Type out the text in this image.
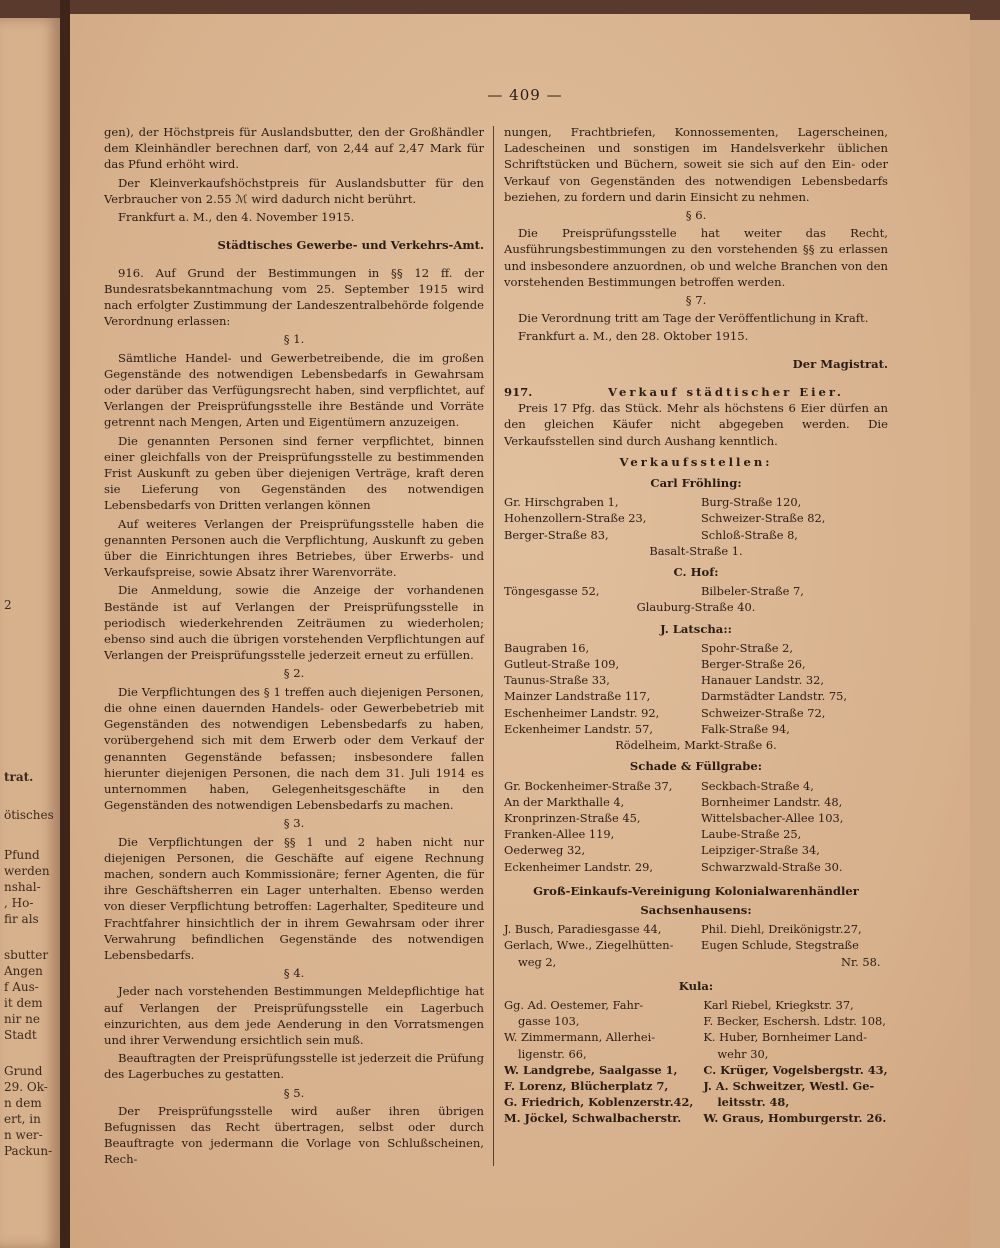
2
trat.
ötisches
Pfund
werden
nshal-
, Ho-
fir als
sbutter
Angen
f Aus-
it dem
nir ne
Stadt
Grund
29. Ok-
n dem
ert, in
n wer-
Packun-
— 409 —

gen), der Höchstpreis für Auslandsbutter, den der Großhändler dem Kleinhändler berechnen darf, von 2,44 auf 2,47 Mark für das Pfund erhöht wird.

Der Kleinverkaufshöchstpreis für Auslandsbutter für den Verbraucher von 2.55 ℳ wird dadurch nicht berührt.

Frankfurt a. M., den 4. November 1915.

Städtisches Gewerbe- und Verkehrs-Amt.

916. Auf Grund der Bestimmungen in §§ 12 ff. der Bundesratsbekanntmachung vom 25. September 1915 wird nach erfolgter Zustimmung der Landeszentralbehörde folgende Verordnung erlassen:

§ 1.

Sämtliche Handel- und Gewerbetreibende, die im großen Gegenstände des notwendigen Lebensbedarfs in Gewahrsam oder darüber das Verfügungsrecht haben, sind verpflichtet, auf Verlangen der Preisprüfungsstelle ihre Bestände und Vorräte getrennt nach Mengen, Arten und Eigentümern anzuzeigen.

Die genannten Personen sind ferner verpflichtet, binnen einer gleichfalls von der Preisprüfungsstelle zu bestimmenden Frist Auskunft zu geben über diejenigen Verträge, kraft deren sie Lieferung von Gegenständen des notwendigen Lebensbedarfs von Dritten verlangen können

Auf weiteres Verlangen der Preisprüfungsstelle haben die genannten Personen auch die Verpflichtung, Auskunft zu geben über die Einrichtungen ihres Betriebes, über Erwerbs- und Verkaufspreise, sowie Absatz ihrer Warenvorräte.

Die Anmeldung, sowie die Anzeige der vorhandenen Bestände ist auf Verlangen der Preisprüfungsstelle in periodisch wiederkehrenden Zeiträumen zu wiederholen; ebenso sind auch die übrigen vorstehenden Verpflichtungen auf Verlangen der Preisprüfungsstelle jederzeit erneut zu erfüllen.

§ 2.

Die Verpflichtungen des § 1 treffen auch diejenigen Personen, die ohne einen dauernden Handels- oder Gewerbebetrieb mit Gegenständen des notwendigen Lebensbedarfs zu haben, vorübergehend sich mit dem Erwerb oder dem Verkauf der genannten Gegenstände befassen; insbesondere fallen hierunter diejenigen Personen, die nach dem 31. Juli 1914 es unternommen haben, Gelegenheitsgeschäfte in den Gegenständen des notwendigen Lebensbedarfs zu machen.

§ 3.

Die Verpflichtungen der §§ 1 und 2 haben nicht nur diejenigen Personen, die Geschäfte auf eigene Rechnung machen, sondern auch Kommissionäre; ferner Agenten, die für ihre Geschäftsherren ein Lager unterhalten. Ebenso werden von dieser Verpflichtung betroffen: Lagerhalter, Spediteure und Frachtfahrer hinsichtlich der in ihrem Gewahrsam oder ihrer Verwahrung befindlichen Gegenstände des notwendigen Lebensbedarfs.

§ 4.

Jeder nach vorstehenden Bestimmungen Meldepflichtige hat auf Verlangen der Preisprüfungsstelle ein Lagerbuch einzurichten, aus dem jede Aenderung in den Vorratsmengen und ihrer Verwendung ersichtlich sein muß.

Beauftragten der Preisprüfungsstelle ist jederzeit die Prüfung des Lagerbuches zu gestatten.

§ 5.

Der Preisprüfungsstelle wird außer ihren übrigen Befugnissen das Recht übertragen, selbst oder durch Beauftragte von jedermann die Vorlage von Schlußscheinen, Rech-

nungen, Frachtbriefen, Konnossementen, Lagerscheinen, Ladescheinen und sonstigen im Handelsverkehr üblichen Schriftstücken und Büchern, soweit sie sich auf den Ein- oder Verkauf von Gegenständen des notwendigen Lebensbedarfs beziehen, zu fordern und darin Einsicht zu nehmen.

§ 6.

Die Preisprüfungsstelle hat weiter das Recht, Ausführungsbestimmungen zu den vorstehenden §§ zu erlassen und insbesondere anzuordnen, ob und welche Branchen von den vorstehenden Bestimmungen betroffen werden.

§ 7.

Die Verordnung tritt am Tage der Veröffentlichung in Kraft.

Frankfurt a. M., den 28. Oktober 1915.

Der Magistrat.

917.	Verkauf städtischer Eier.

Preis 17 Pfg. das Stück. Mehr als höchstens 6 Eier dürfen an den gleichen Käufer nicht abgegeben werden. Die Verkaufsstellen sind durch Aushang kenntlich.

Verkaufsstellen:

Carl Fröhling:

Gr. Hirschgraben 1,	Burg-Straße 120,
Hohenzollern-Straße 23,	Schweizer-Straße 82,
Berger-Straße 83,	Schloß-Straße 8,
Basalt-Straße 1.

C. Hof:

Töngesgasse 52,	Bilbeler-Straße 7,
Glauburg-Straße 40.

J. Latscha::

Baugraben 16,	Spohr-Straße 2,
Gutleut-Straße 109,	Berger-Straße 26,
Taunus-Straße 33,	Hanauer Landstr. 32,
Mainzer Landstraße 117,	Darmstädter Landstr. 75,
Eschenheimer Landstr. 92,	Schweizer-Straße 72,
Eckenheimer Landstr. 57,	Falk-Straße 94,
Rödelheim, Markt-Straße 6.

Schade & Füllgrabe:

Gr. Bockenheimer-Straße 37,	Seckbach-Straße 4,
An der Markthalle 4,	Bornheimer Landstr. 48,
Kronprinzen-Straße 45,	Wittelsbacher-Allee 103,
Franken-Allee 119,	Laube-Straße 25,
Oederweg 32,	Leipziger-Straße 34,
Eckenheimer Landstr. 29,	Schwarzwald-Straße 30.

Groß-Einkaufs-Vereinigung Kolonialwarenhändler

Sachsenhausens:

J. Busch, Paradiesgasse 44,	Phil. Diehl, Dreikönigstr.27,
Gerlach, Wwe., Ziegelhütten-	Eugen Schlude, Stegstraße
weg 2,	Nr. 58.

Kula:

Gg. Ad. Oestemer, Fahr-	Karl Riebel, Kriegkstr. 37,
gasse 103,	F. Becker, Eschersh. Ldstr. 108,
W. Zimmermann, Allerhei-	K. Huber, Bornheimer Land-
ligenstr. 66,	wehr 30,
W. Landgrebe, Saalgasse 1,	C. Krüger, Vogelsbergstr. 43,
F. Lorenz, Blücherplatz 7,	J. A. Schweitzer, Westl. Ge-
G. Friedrich, Koblenzerstr.42,	leitsstr. 48,
M. Jöckel, Schwalbacherstr.	W. Graus, Homburgerstr. 26.
